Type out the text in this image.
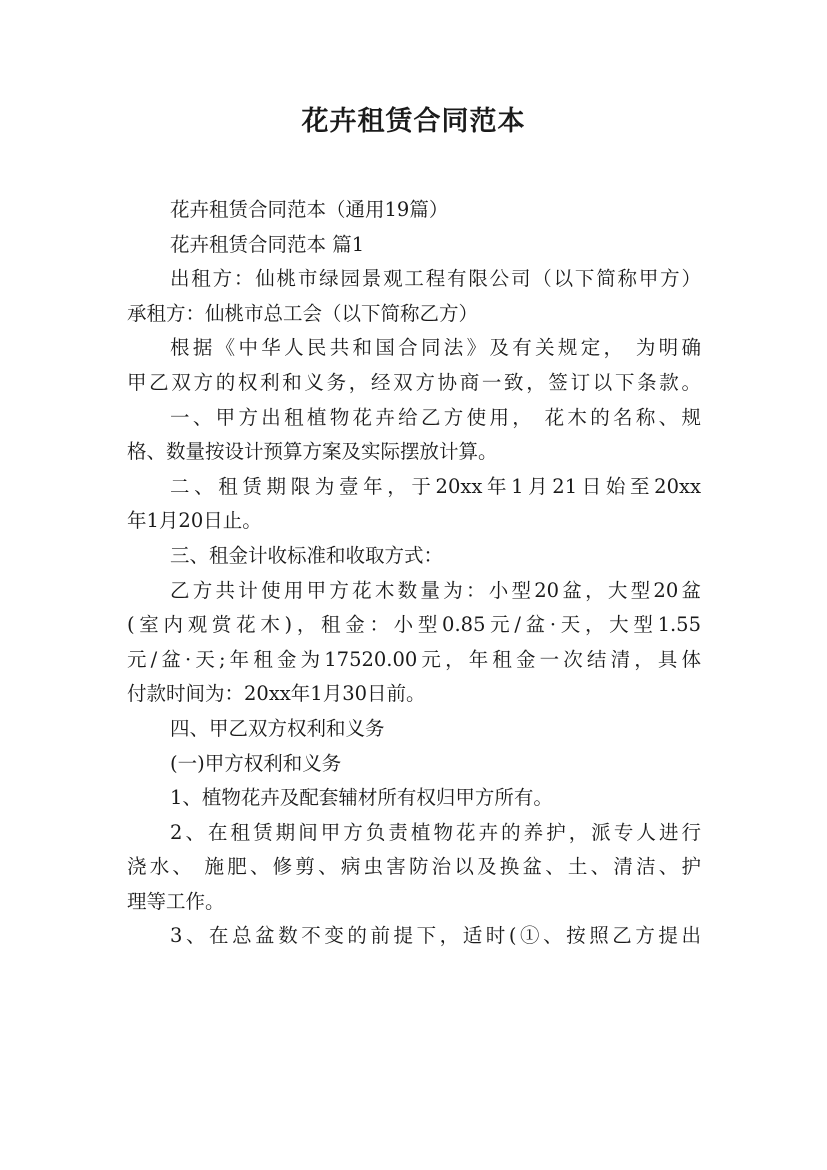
花卉租赁合同范本
花卉租赁合同范本（通用19篇）
花卉租赁合同范本 篇1
出租方：仙桃市绿园景观工程有限公司（以下简称甲方）
承租方：仙桃市总工会（以下简称乙方）
根据《中华人民共和国合同法》及有关规定， 为明确
甲乙双方的权利和义务，经双方协商一致，签订以下条款。
一、甲方出租植物花卉给乙方使用， 花木的名称、规
格、数量按设计预算方案及实际摆放计算。
二、租赁期限为壹年，于20xx年1月21日始至20xx
年1月20日止。
三、租金计收标准和收取方式：
乙方共计使用甲方花木数量为：小型20盆，大型20盆
(室内观赏花木)，租金：小型0.85元/盆·天，大型1.55
元/盆·天;年租金为17520.00元，年租金一次结清，具体
付款时间为：20xx年1月30日前。
四、甲乙双方权利和义务
(一)甲方权利和义务
1、植物花卉及配套辅材所有权归甲方所有。
2、在租赁期间甲方负责植物花卉的养护，派专人进行
浇水、 施肥、修剪、病虫害防治以及换盆、土、清洁、护
理等工作。
3、在总盆数不变的前提下，适时(①、按照乙方提出
